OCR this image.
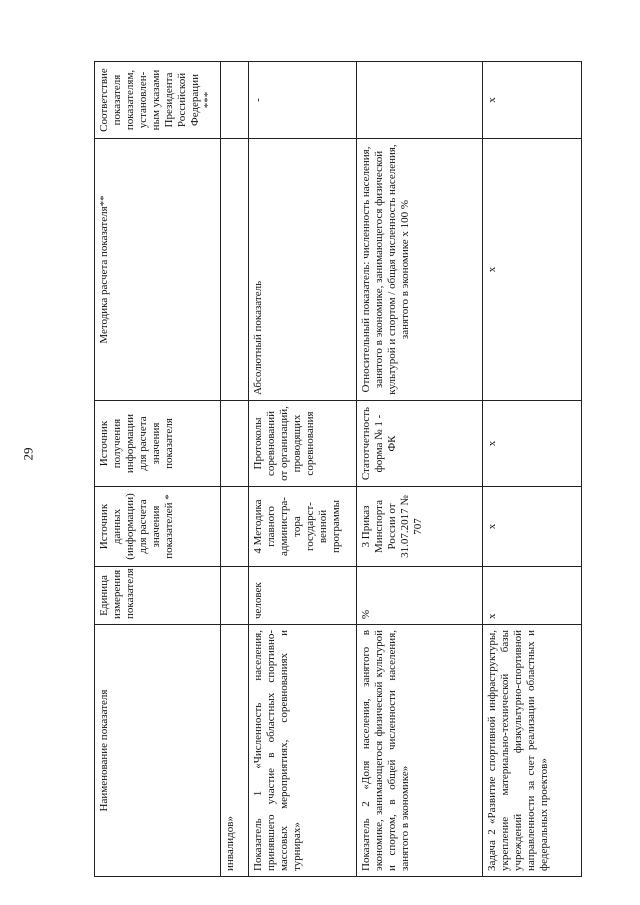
29
Наименование показателя	Единица измерения показателя	Источник данных (информации) для расчета значения показателей *	Источник получения информации для расчета значения показателя	Методика расчета показателя**	Соответствие показателя показателям, установлен-ным указами Президента Российской Федерации ***
инвалидов»					
Показатель 1 «Численность населения, принявшего участие в областных спортивно-массовых мероприятиях, соревнованиях и турнирах»	человек	4 Методика главного администра-тора государст-венной программы	Протоколы соревнований от организаций, проводящих соревнования	Абсолютный показатель	-
Показатель 2 «Доля населения, занятого в экономике, занимающегося физической культурой и спортом, в общей численности населения, занятого в экономике»	%	3 Приказ Минспорта России от 31.07.2017 № 707	Статотчетность форма № 1 - ФК	Относительный показатель: численность населения, занятого в экономике, занимающегося физической культурой и спортом / общая численность населения, занятого в экономике х 100 %	
Задача 2 «Развитие спортивной инфраструктуры, укрепление материально-технической базы учреждений физкультурно-спортивной направленности за счет реализации областных и федеральных проектов»	х	х	х	х	х
